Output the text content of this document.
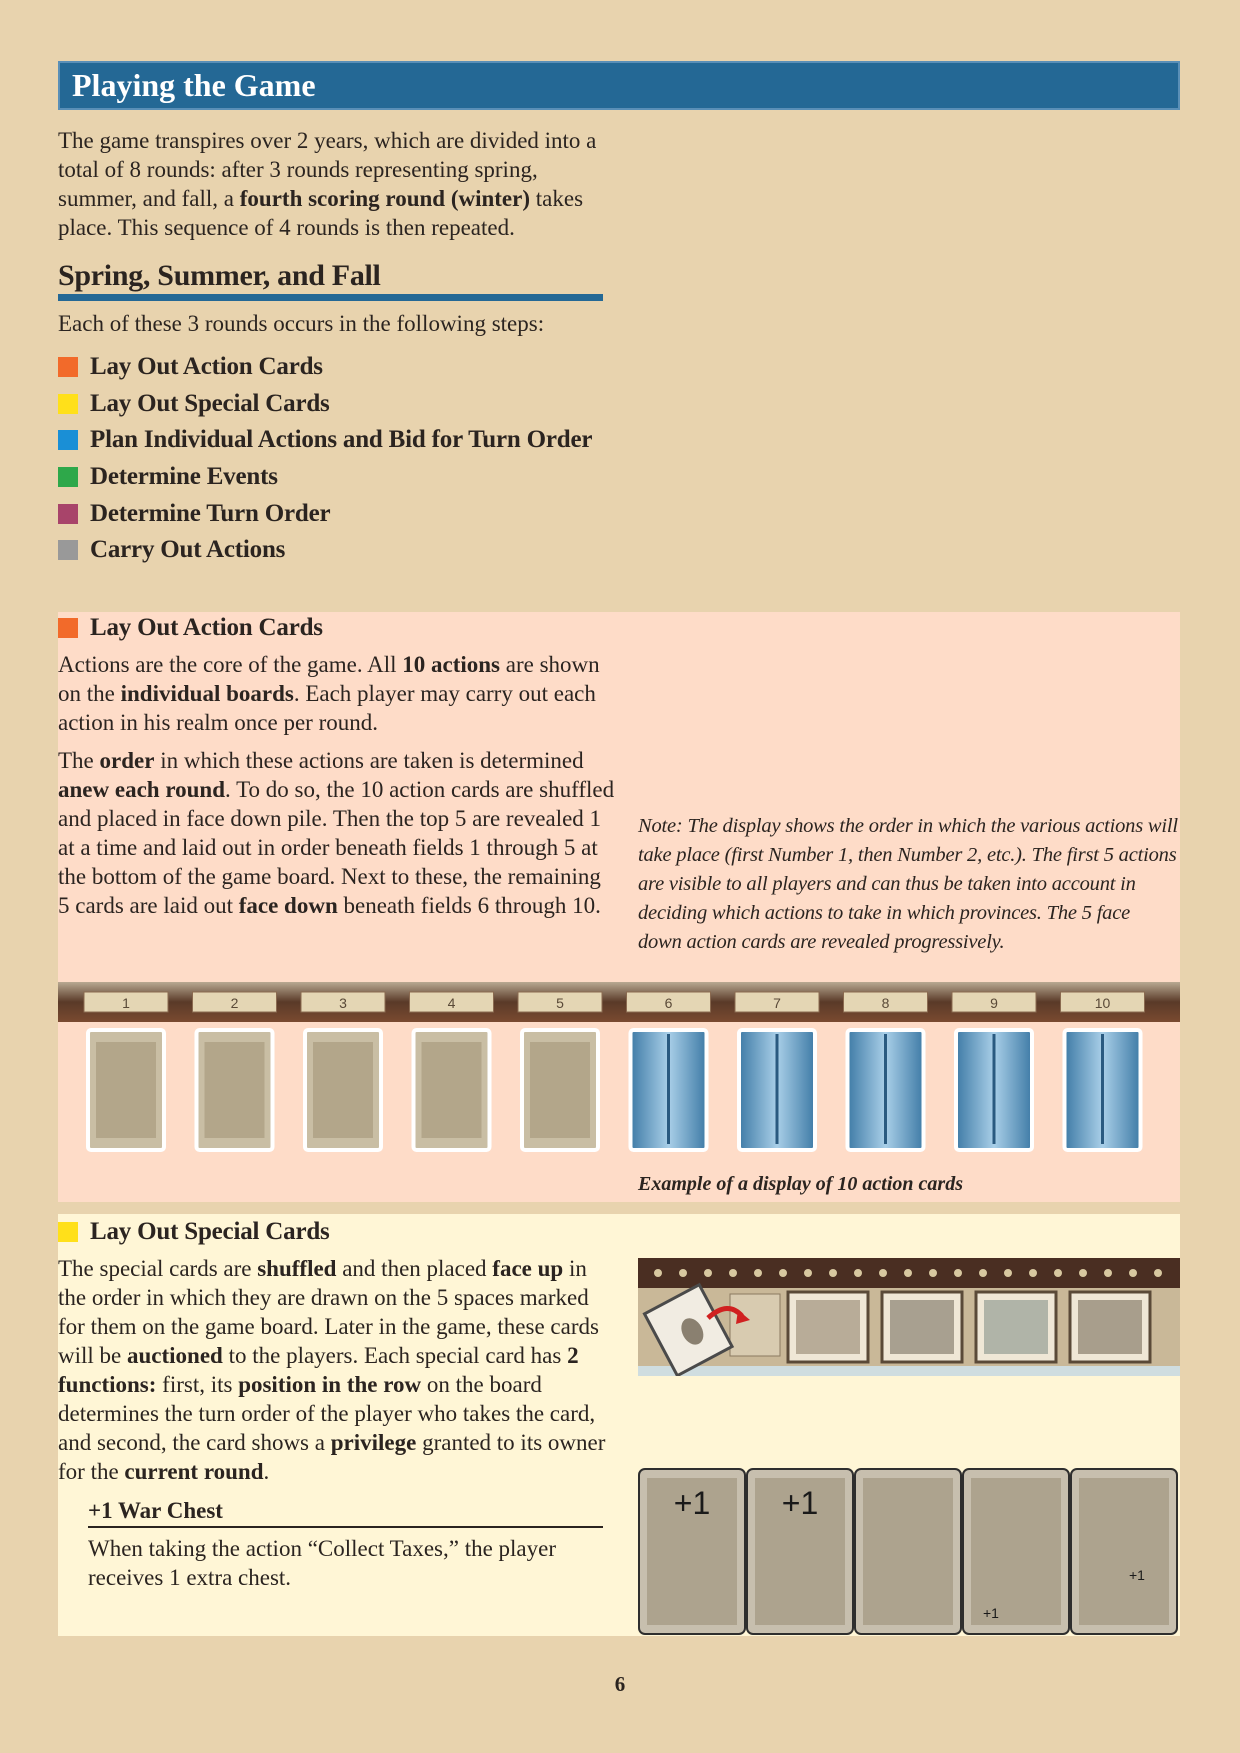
Playing the Game

The game transpires over 2 years, which are divided into a total of 8 rounds: after 3 rounds representing spring, summer, and fall, a fourth scoring round (winter) takes place. This sequence of 4 rounds is then repeated.

Spring, Summer, and Fall

Each of these 3 rounds occurs in the following steps:

Lay Out Action Cards
Lay Out Special Cards
Plan Individual Actions and Bid for Turn Order
Determine Events
Determine Turn Order
Carry Out Actions
Lay Out Action Cards

Actions are the core of the game. All 10 actions are shown on the individual boards. Each player may carry out each action in his realm once per round.

The order in which these actions are taken is determined anew each round. To do so, the 10 action cards are shuffled and placed in face down pile. Then the top 5 are revealed 1 at a time and laid out in order beneath fields 1 through 5 at the bottom of the game board. Next to these, the remaining 5 cards are laid out face down beneath fields 6 through 10.

Note: The display shows the order in which the various actions will take place (first Number 1, then Number 2, etc.). The first 5 actions are visible to all players and can thus be taken into account in deciding which actions to take in which provinces. The 5 face down action cards are revealed progressively.

1	2	3	4	5	6	7	8	9	10
Example of a display of 10 action cards
Lay Out Special Cards

The special cards are shuffled and then placed face up in the order in which they are drawn on the 5 spaces marked for them on the game board. Later in the game, these cards will be auctioned to the players. Each special card has 2 functions: first, its position in the row on the board determines the turn order of the player who takes the card, and second, the card shows a privilege granted to its owner for the current round.

+1 War Chest

When taking the action “Collect Taxes,” the player receives 1 extra chest.

+1 +1
+1
+1
6
